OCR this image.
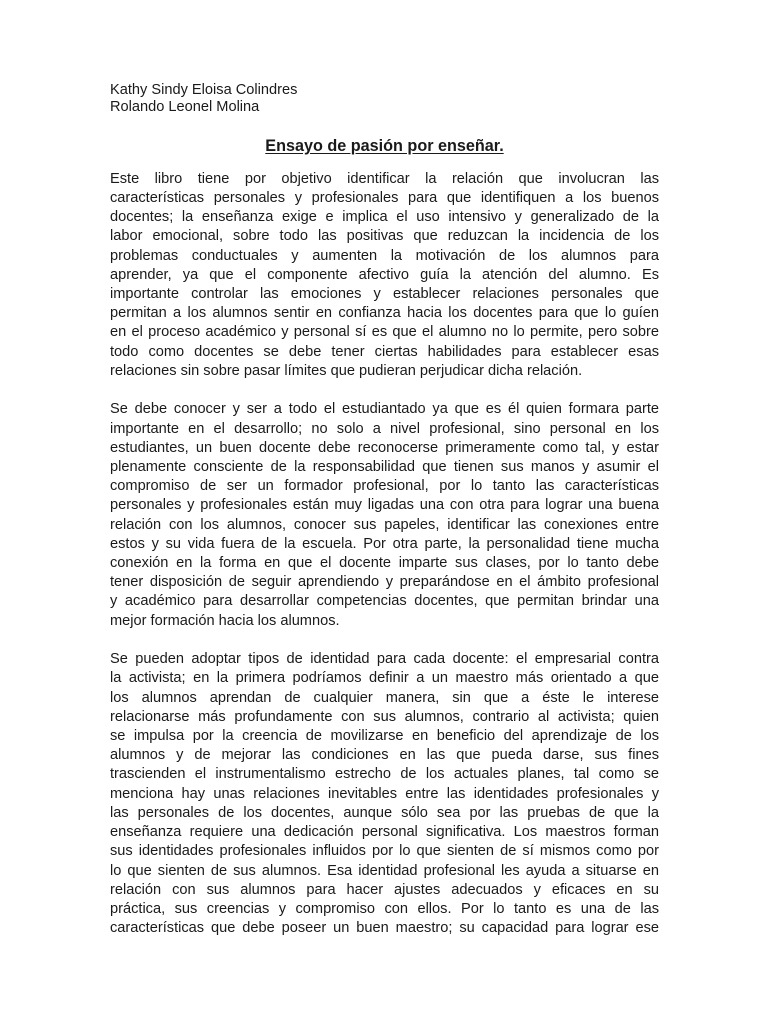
Kathy Sindy Eloisa Colindres
Rolando Leonel Molina
Ensayo de pasión por enseñar.

Este libro tiene por objetivo identificar la relación que involucran las
características personales y profesionales para que identifiquen a los buenos
docentes; la enseñanza exige e implica el uso intensivo y generalizado de la
labor emocional, sobre todo las positivas que reduzcan la incidencia de los
problemas conductuales y aumenten la motivación de los alumnos para
aprender, ya que el componente afectivo guía la atención del alumno. Es
importante controlar las emociones y establecer relaciones personales que
permitan a los alumnos sentir en confianza hacia los docentes para que lo guíen
en el proceso académico y personal sí es que el alumno no lo permite, pero sobre
todo como docentes se debe tener ciertas habilidades para establecer esas
relaciones sin sobre pasar límites que pudieran perjudicar dicha relación.

Se debe conocer y ser a todo el estudiantado ya que es él quien formara parte
importante en el desarrollo; no solo a nivel profesional, sino personal en los
estudiantes, un buen docente debe reconocerse primeramente como tal, y estar
plenamente consciente de la responsabilidad que tienen sus manos y asumir el
compromiso de ser un formador profesional, por lo tanto las características
personales y profesionales están muy ligadas una con otra para lograr una buena
relación con los alumnos, conocer sus papeles, identificar las conexiones entre
estos y su vida fuera de la escuela. Por otra parte, la personalidad tiene mucha
conexión en la forma en que el docente imparte sus clases, por lo tanto debe
tener disposición de seguir aprendiendo y preparándose en el ámbito profesional
y académico para desarrollar competencias docentes, que permitan brindar una
mejor formación hacia los alumnos.

Se pueden adoptar tipos de identidad para cada docente: el empresarial contra
la activista; en la primera podríamos definir a un maestro más orientado a que
los alumnos aprendan de cualquier manera, sin que a éste le interese
relacionarse más profundamente con sus alumnos, contrario al activista; quien
se impulsa por la creencia de movilizarse en beneficio del aprendizaje de los
alumnos y de mejorar las condiciones en las que pueda darse, sus fines
trascienden el instrumentalismo estrecho de los actuales planes, tal como se
menciona hay unas relaciones inevitables entre las identidades profesionales y
las personales de los docentes, aunque sólo sea por las pruebas de que la
enseñanza requiere una dedicación personal significativa. Los maestros forman
sus identidades profesionales influidos por lo que sienten de sí mismos como por
lo que sienten de sus alumnos. Esa identidad profesional les ayuda a situarse en
relación con sus alumnos para hacer ajustes adecuados y eficaces en su
práctica, sus creencias y compromiso con ellos. Por lo tanto es una de las
características que debe poseer un buen maestro; su capacidad para lograr ese
